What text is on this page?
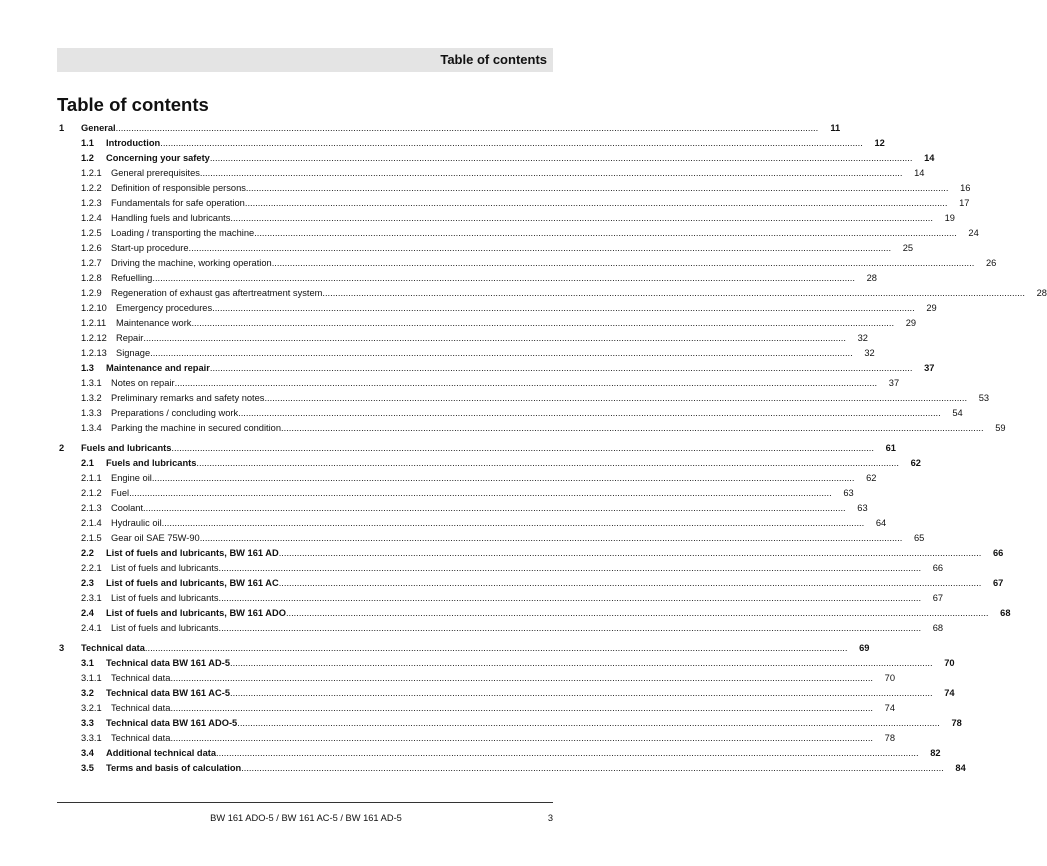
Table of contents
Table of contents
1	General .....	11
1.1	Introduction .....	12
1.2	Concerning your safety .....	14
1.2.1	General prerequisites .....	14
1.2.2	Definition of responsible persons .....	16
1.2.3	Fundamentals for safe operation .....	17
1.2.4	Handling fuels and lubricants .....	19
1.2.5	Loading / transporting the machine .....	24
1.2.6	Start-up procedure .....	25
1.2.7	Driving the machine, working operation .....	26
1.2.8	Refuelling .....	28
1.2.9	Regeneration of exhaust gas aftertreatment system .....	28
1.2.10 Emergency procedures .....	29
1.2.11	Maintenance work .....	29
1.2.12 Repair .....	32
1.2.13 Signage .....	32
1.3	Maintenance and repair .....	37
1.3.1	Notes on repair .....	37
1.3.2	Preliminary remarks and safety notes .....	53
1.3.3	Preparations / concluding work .....	54
1.3.4	Parking the machine in secured condition .....	59
2	Fuels and lubricants .....	61
2.1	Fuels and lubricants .....	62
2.1.1	Engine oil .....	62
2.1.2	Fuel .....	63
2.1.3	Coolant .....	63
2.1.4	Hydraulic oil .....	64
2.1.5	Gear oil SAE 75W-90 .....	65
2.2	List of fuels and lubricants, BW 161 AD .....	66
2.2.1	List of fuels and lubricants .....	66
2.3	List of fuels and lubricants, BW 161 AC .....	67
2.3.1	List of fuels and lubricants .....	67
2.4	List of fuels and lubricants, BW 161 ADO .....	68
2.4.1	List of fuels and lubricants .....	68
3	Technical data .....	69
3.1	Technical data BW 161 AD-5 .....	70
3.1.1	Technical data .....	70
3.2	Technical data BW 161 AC-5 .....	74
3.2.1	Technical data .....	74
3.3	Technical data BW 161 ADO-5 .....	78
3.3.1	Technical data .....	78
3.4	Additional technical data .....	82
3.5	Terms and basis of calculation .....	84
BW 161 ADO-5 / BW 161 AC-5 / BW 161 AD-5	3
